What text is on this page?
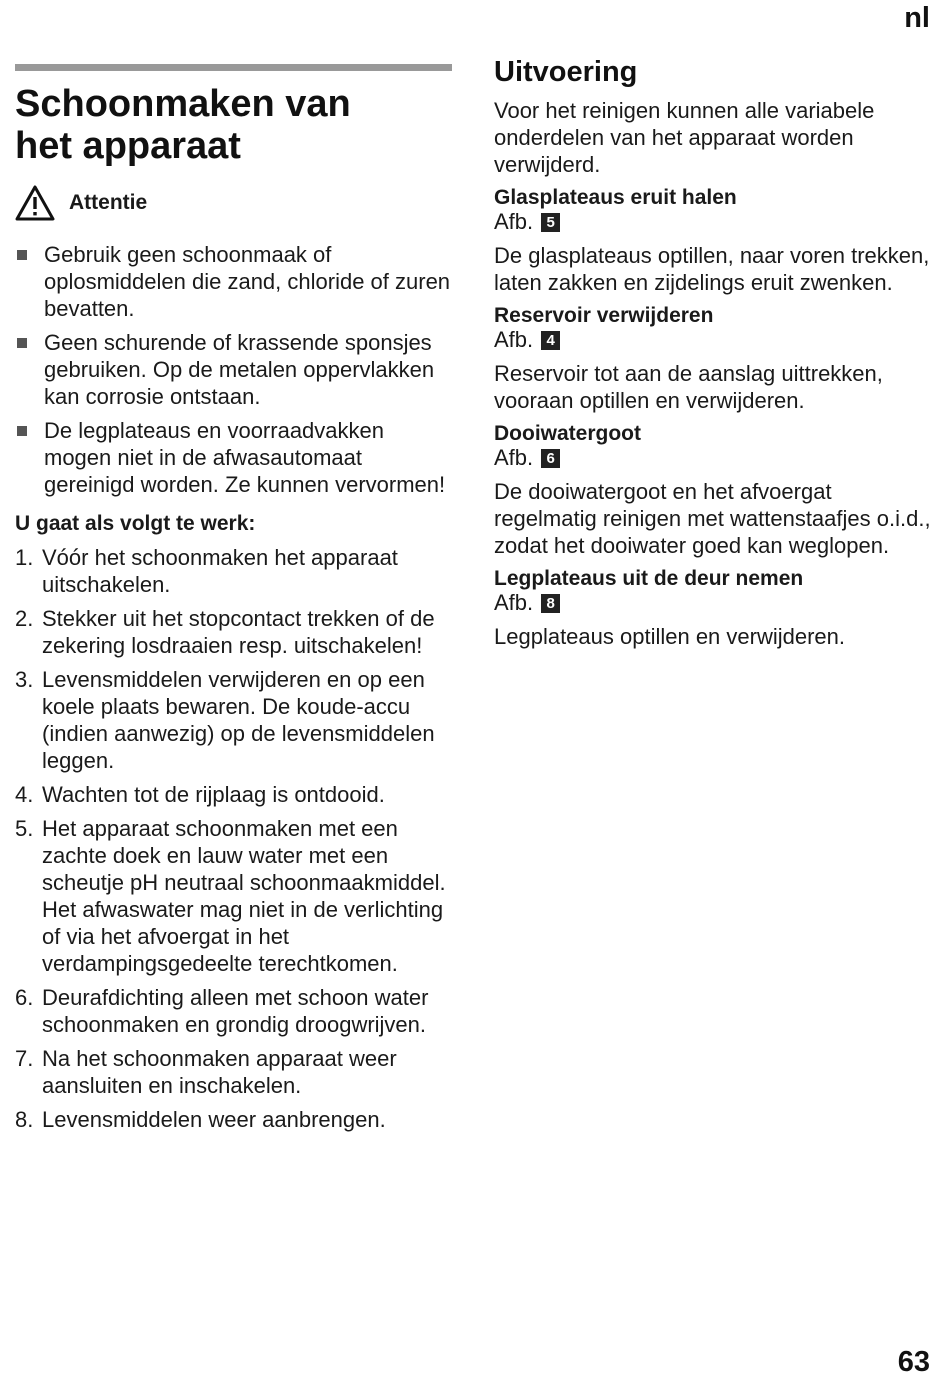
nl
Schoonmaken van
het apparaat
Attentie
Gebruik geen schoonmaak of oplosmiddelen die zand, chloride of zuren bevatten.
Geen schurende of krassende sponsjes gebruiken. Op de metalen oppervlakken kan corrosie ontstaan.
De legplateaus en voorraadvakken mogen niet in de afwasautomaat gereinigd worden. Ze kunnen vervormen!
U gaat als volgt te werk:
1. Vóór het schoonmaken het apparaat uitschakelen.
2. Stekker uit het stopcontact trekken of de zekering losdraaien resp. uitschakelen!
3. Levensmiddelen verwijderen en op een koele plaats bewaren. De koude-accu (indien aanwezig) op de levensmiddelen leggen.
4. Wachten tot de rijplaag is ontdooid.
5. Het apparaat schoonmaken met een zachte doek en lauw water met een scheutje pH neutraal schoonmaakmiddel. Het afwaswater mag niet in de verlichting of via het afvoergat in het verdampingsgedeelte terechtkomen.
6. Deurafdichting alleen met schoon water schoonmaken en grondig droogwrijven.
7. Na het schoonmaken apparaat weer aansluiten en inschakelen.
8. Levensmiddelen weer aanbrengen.
Uitvoering
Voor het reinigen kunnen alle variabele onderdelen van het apparaat worden verwijderd.
Glasplateaus eruit halen
Afb. 5
De glasplateaus optillen, naar voren trekken, laten zakken en zijdelings eruit zwenken.
Reservoir verwijderen
Afb. 4
Reservoir tot aan de aanslag uittrekken, vooraan optillen en verwijderen.
Dooiwatergoot
Afb. 6
De dooiwatergoot en het afvoergat regelmatig reinigen met wattenstaafjes o.i.d., zodat het dooiwater goed kan weglopen.
Legplateaus uit de deur nemen
Afb. 8
Legplateaus optillen en verwijderen.
63
